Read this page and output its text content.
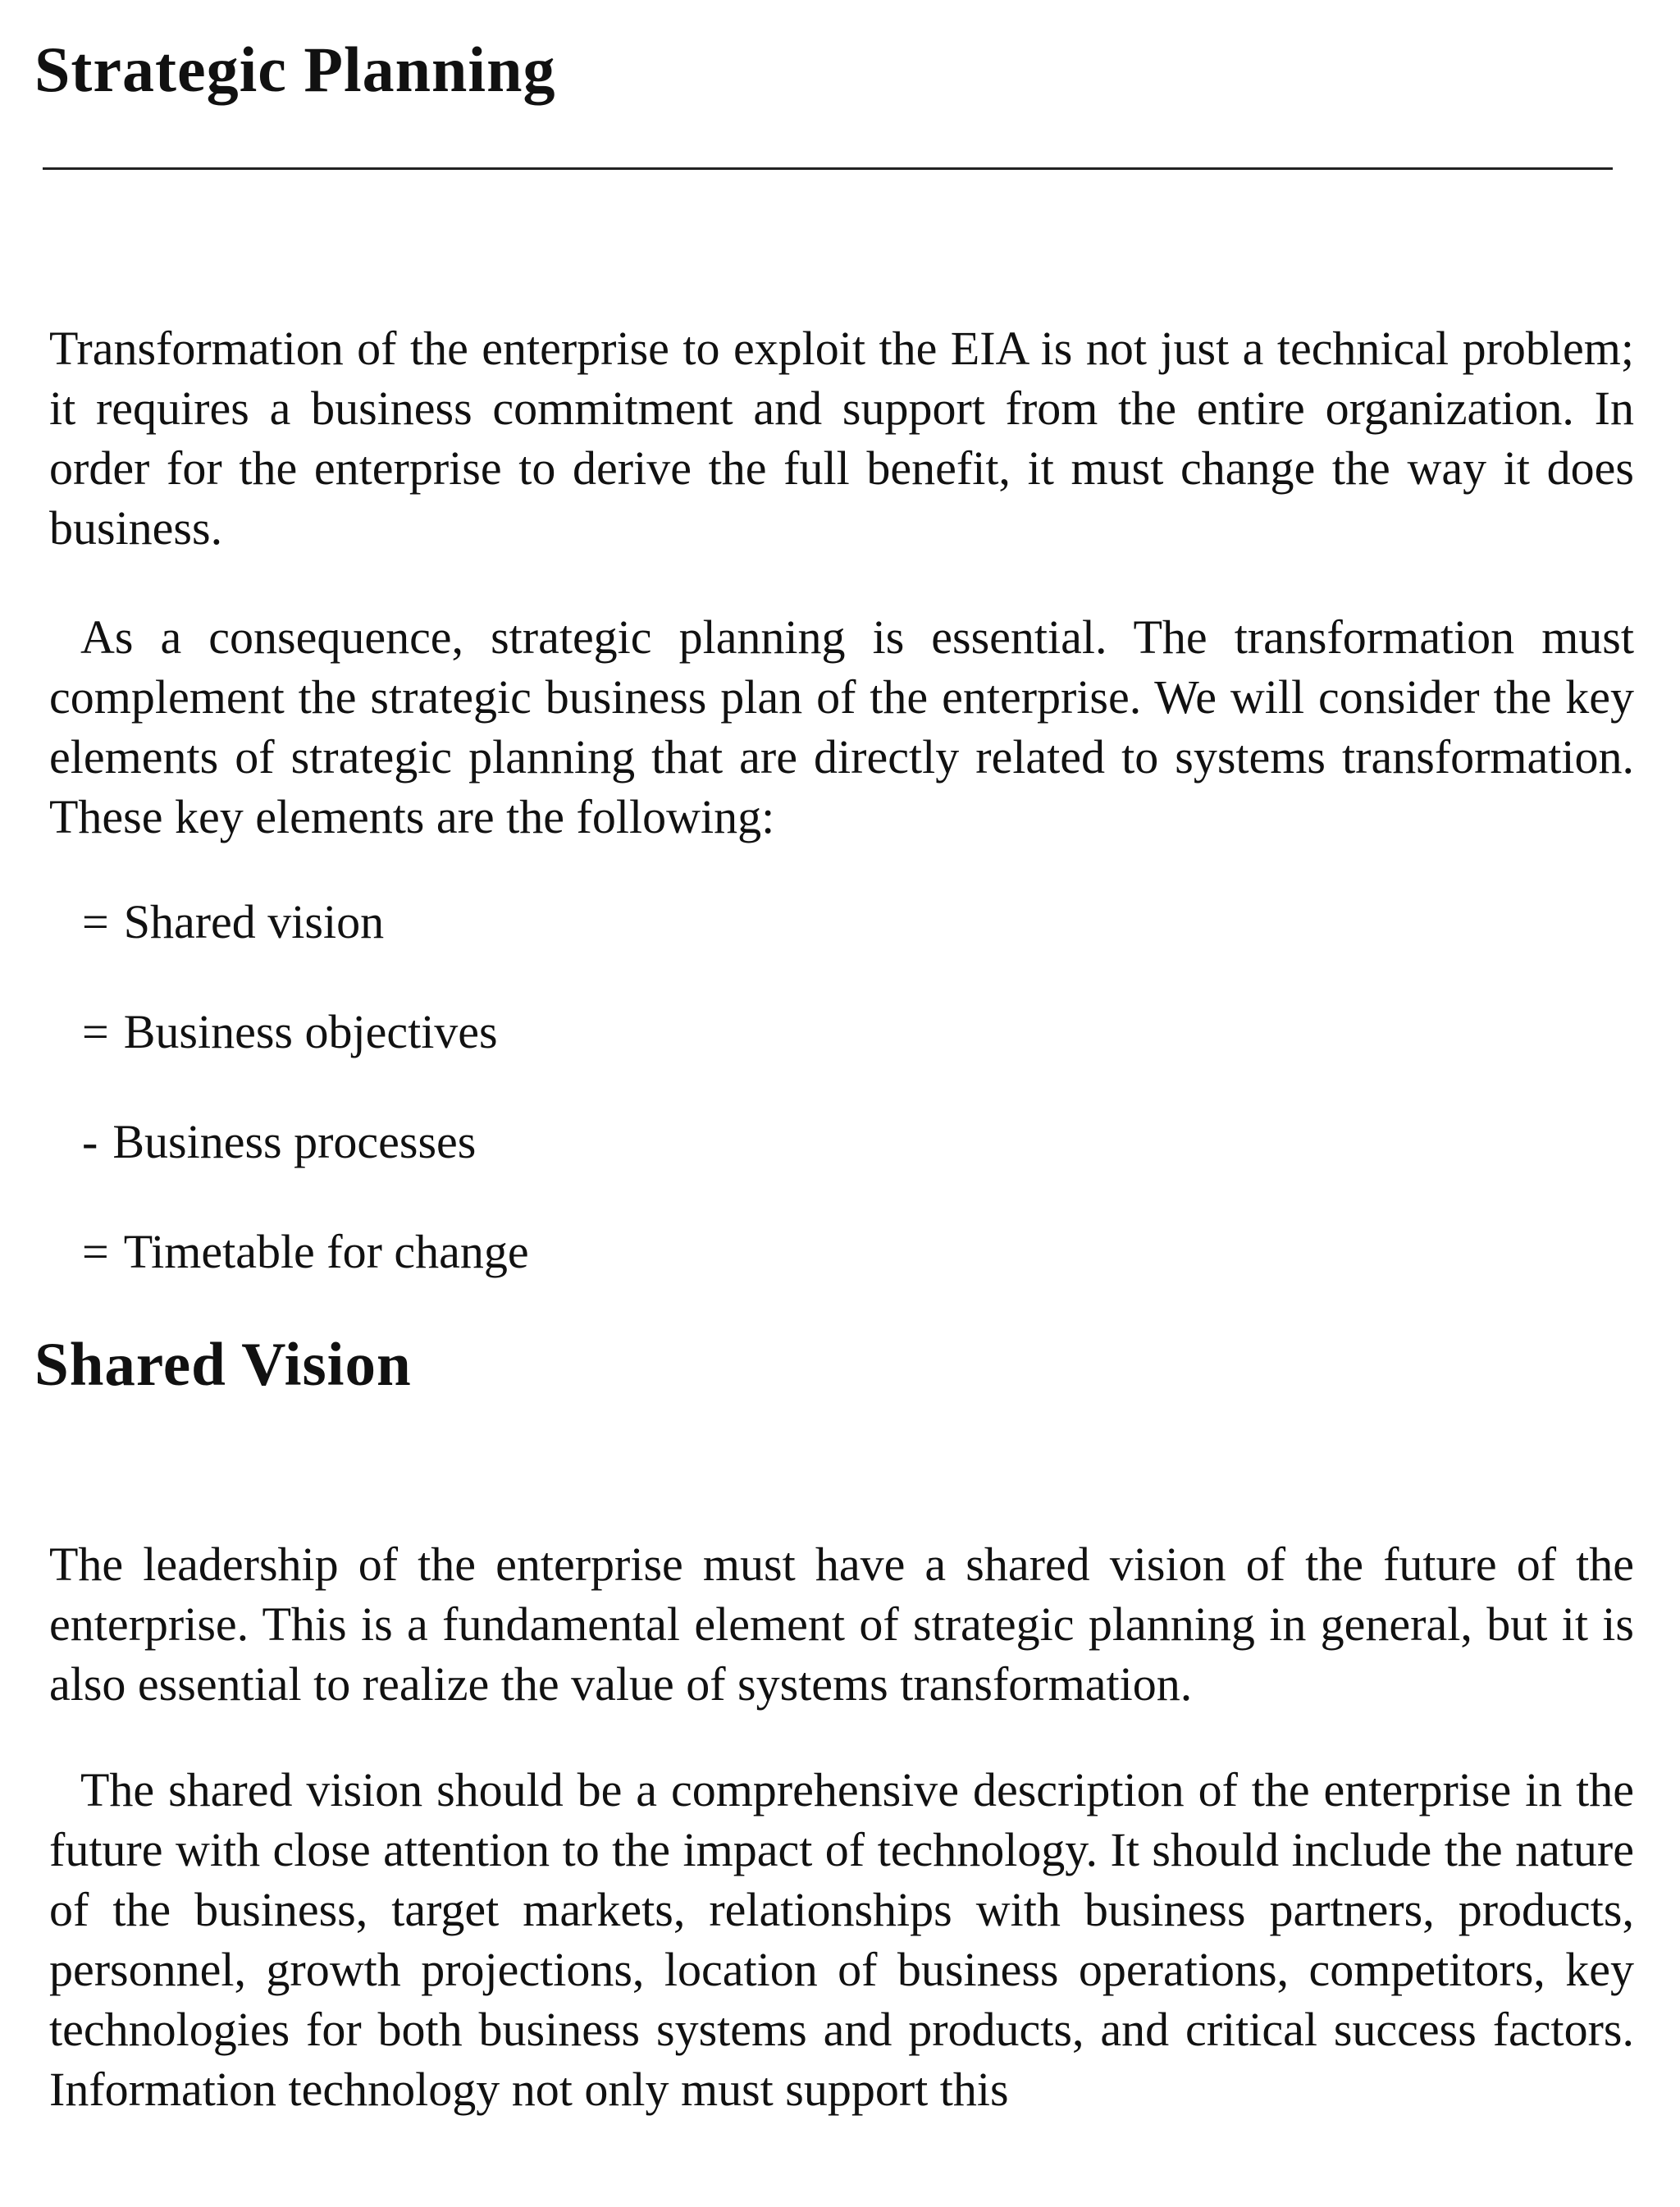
Strategic Planning

Transformation of the enterprise to exploit the EIA is not just a technical problem; it requires a business commitment and support from the entire organization. In order for the enterprise to derive the full benefit, it must change the way it does business.

As a consequence, strategic planning is essential. The transformation must complement the strategic business plan of the enterprise. We will consider the key elements of strategic planning that are directly related to systems transformation. These key elements are the following:

= Shared vision
= Business objectives
- Business processes
= Timetable for change
Shared Vision

The leadership of the enterprise must have a shared vision of the future of the enterprise. This is a fundamental element of strategic planning in general, but it is also essential to realize the value of systems transformation.

The shared vision should be a comprehensive description of the enterprise in the future with close attention to the impact of technology. It should include the nature of the business, target markets, relationships with business partners, products, personnel, growth projections, location of business operations, competitors, key technologies for both business systems and products, and critical success factors. Information technology not only must support this
